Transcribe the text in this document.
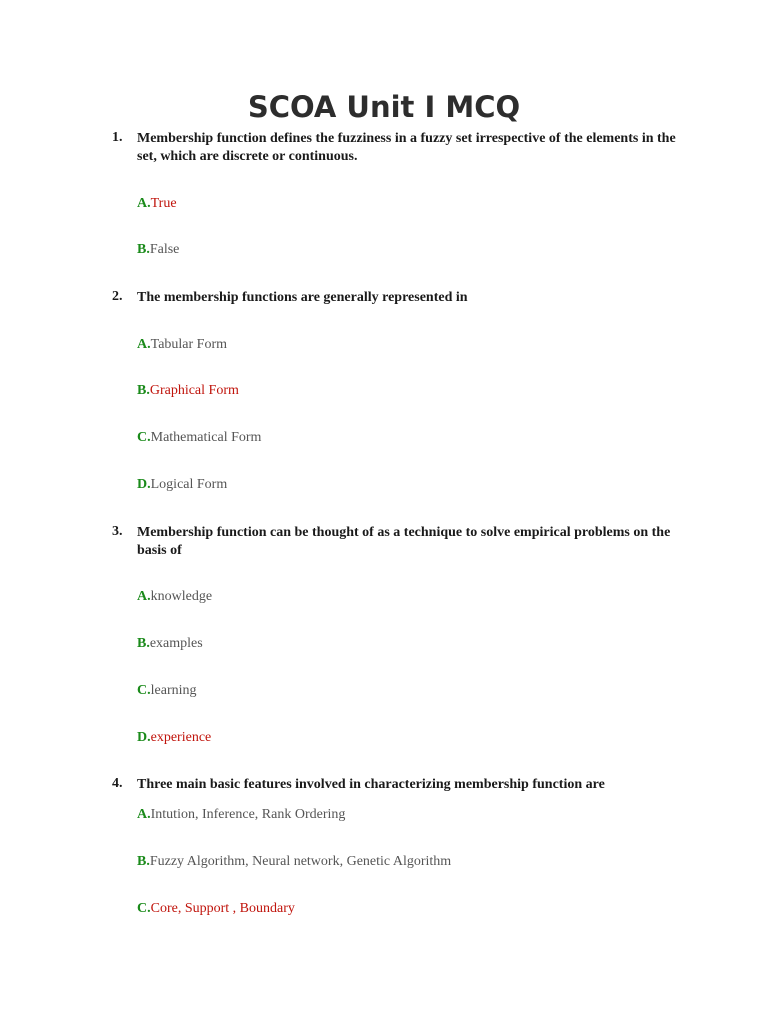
SCOA Unit I MCQ
1. Membership function defines the fuzziness in a fuzzy set irrespective of the elements in the set, which are discrete or continuous.
A.True
B.False
2. The membership functions are generally represented in
A.Tabular Form
B.Graphical Form
C.Mathematical Form
D.Logical Form
3. Membership function can be thought of as a technique to solve empirical problems on the basis of
A.knowledge
B.examples
C.learning
D.experience
4. Three main basic features involved in characterizing membership function are
A.Intution, Inference, Rank Ordering
B.Fuzzy Algorithm, Neural network, Genetic Algorithm
C.Core, Support , Boundary
